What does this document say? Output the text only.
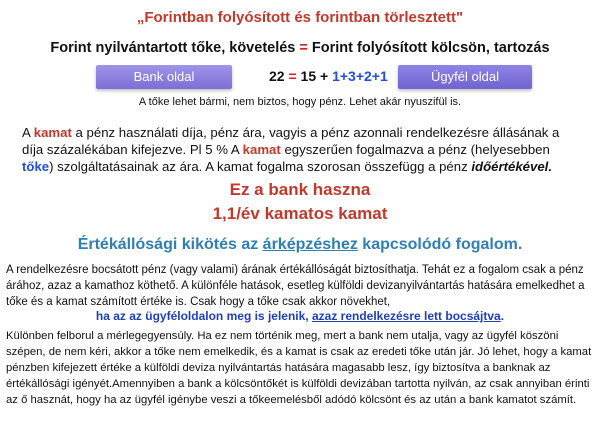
„Forintban folyósított és forintban törlesztett"
Forint nyilvántartott tőke, követelés = Forint folyósított kölcsön, tartozás
Bank oldal	22 = 15 + 1+3+2+1	Ügyfél oldal
A tőke lehet bármi, nem biztos, hogy pénz. Lehet akár nyuszifül is.
A kamat a pénz használati díja, pénz ára, vagyis a pénz azonnali rendelkezésre állásának a díja százalékában kifejezve. Pl 5 % A kamat egyszerűen fogalmazva a pénz (helyesebben tőke) szolgáltatásainak az ára. A kamat fogalma szorosan összefügg a pénz időértékével.
Ez a bank haszna
1,1/év kamatos kamat
Értékállósági kikötés az árképzéshez kapcsolódó fogalom.
A rendelkezésre bocsátott pénz (vagy valami) árának értékállóságát biztosíthatja. Tehát ez a fogalom csak a pénz árához, azaz a kamathoz köthető. A különféle hatások, esetleg külföldi devizanyilvántartás hatására emelkedhet a tőke és a kamat számított értéke is. Csak hogy a tőke csak akkor növekhet,
ha az az ügyféloldalon meg is jelenik, azaz rendelkezésre lett bocsájtva.
Különben felborul a mérlegegyensúly. Ha ez nem történik meg, mert a bank nem utalja, vagy az ügyfél köszöni szépen, de nem kéri, akkor a tőke nem emelkedik, és a kamat is csak az eredeti tőke után jár. Jó lehet, hogy a kamat pénzben kifejezett értéke a külföldi deviza nyilvántartás hatására magasabb lesz, így biztosítva a banknak az értékállósági igényét.Amennyiben a bank a kölcsöntőkét is külföldi devizában tartotta nyilván, az csak annyiban érinti az ő hasznát, hogy ha az ügyfél igénybe veszi a tőkeemelésből adódó kölcsönt és az után a bank kamatot számít.
